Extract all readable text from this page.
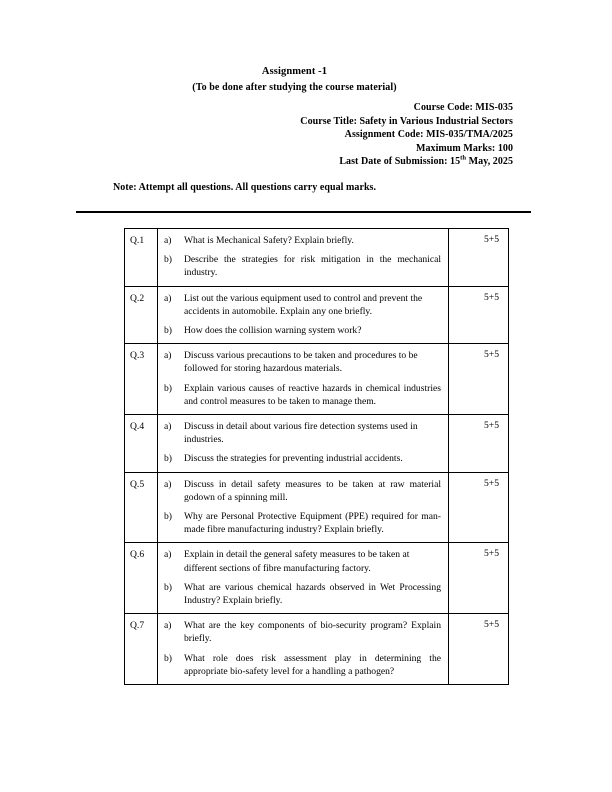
Assignment -1
(To be done after studying the course material)
Course Code: MIS-035
Course Title: Safety in Various Industrial Sectors
Assignment Code: MIS-035/TMA/2025
Maximum Marks: 100
Last Date of Submission: 15th May, 2025
Note: Attempt all questions. All questions carry equal marks.
Q.1	a) What is Mechanical Safety? Explain briefly.
b) Describe the strategies for risk mitigation in the mechanical industry.	5+5

Q.2	a) List out the various equipment used to control and prevent the accidents in automobile. Explain any one briefly.
b) How does the collision warning system work?	5+5

Q.3	a) Discuss various precautions to be taken and procedures to be followed for storing hazardous materials.
b) Explain various causes of reactive hazards in chemical industries and control measures to be taken to manage them.	5+5

Q.4	a) Discuss in detail about various fire detection systems used in industries.
b) Discuss the strategies for preventing industrial accidents.	5+5

Q.5	a) Discuss in detail safety measures to be taken at raw material godown of a spinning mill.
b) Why are Personal Protective Equipment (PPE) required for man-made fibre manufacturing industry? Explain briefly.	5+5

Q.6	a) Explain in detail the general safety measures to be taken at different sections of fibre manufacturing factory.
b) What are various chemical hazards observed in Wet Processing Industry? Explain briefly.	5+5

Q.7	a) What are the key components of bio-security program? Explain briefly.
b) What role does risk assessment play in determining the appropriate bio-safety level for a handling a pathogen?	5+5
